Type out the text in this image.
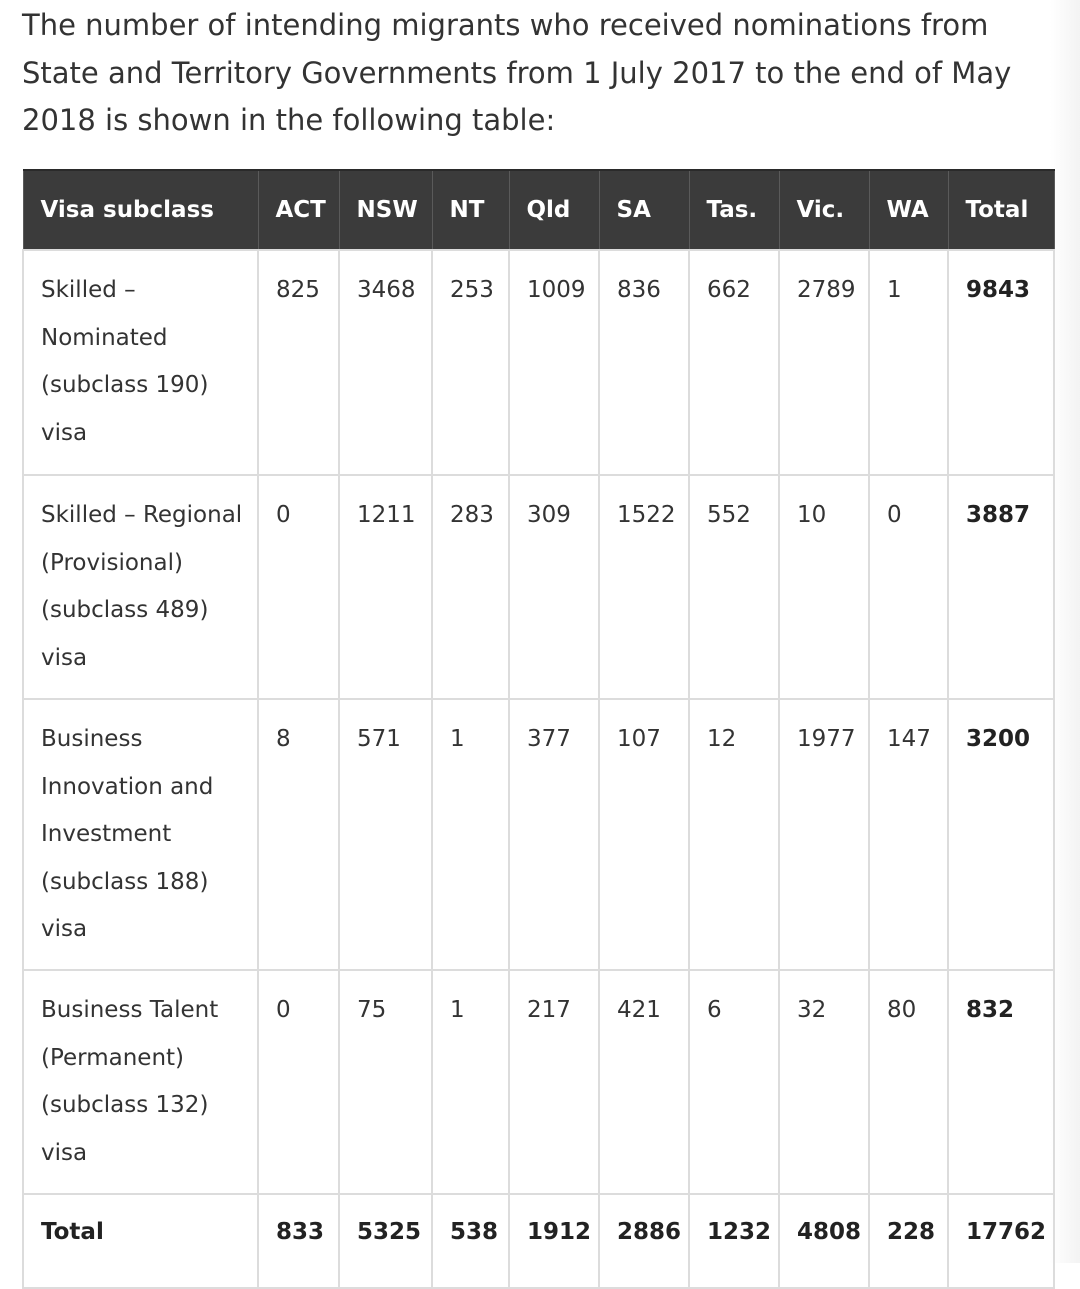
The number of intending migrants who received nominations from State and Territory Governments from 1 July 2017 to the end of May 2018 is shown in the following table:

Visa subclass	ACT	NSW	NT	Qld	SA	Tas.	Vic.	WA	Total
Skilled – Nominated (subclass 190) visa	825	3468	253	1009	836	662	2789	1	9843
Skilled – Regional (Provisional) (subclass 489) visa	0	1211	283	309	1522	552	10	0	3887
Business Innovation and Investment (subclass 188) visa	8	571	1	377	107	12	1977	147	3200
Business Talent (Permanent) (subclass 132) visa	0	75	1	217	421	6	32	80	832
Total	833	5325	538	1912	2886	1232	4808	228	17762
